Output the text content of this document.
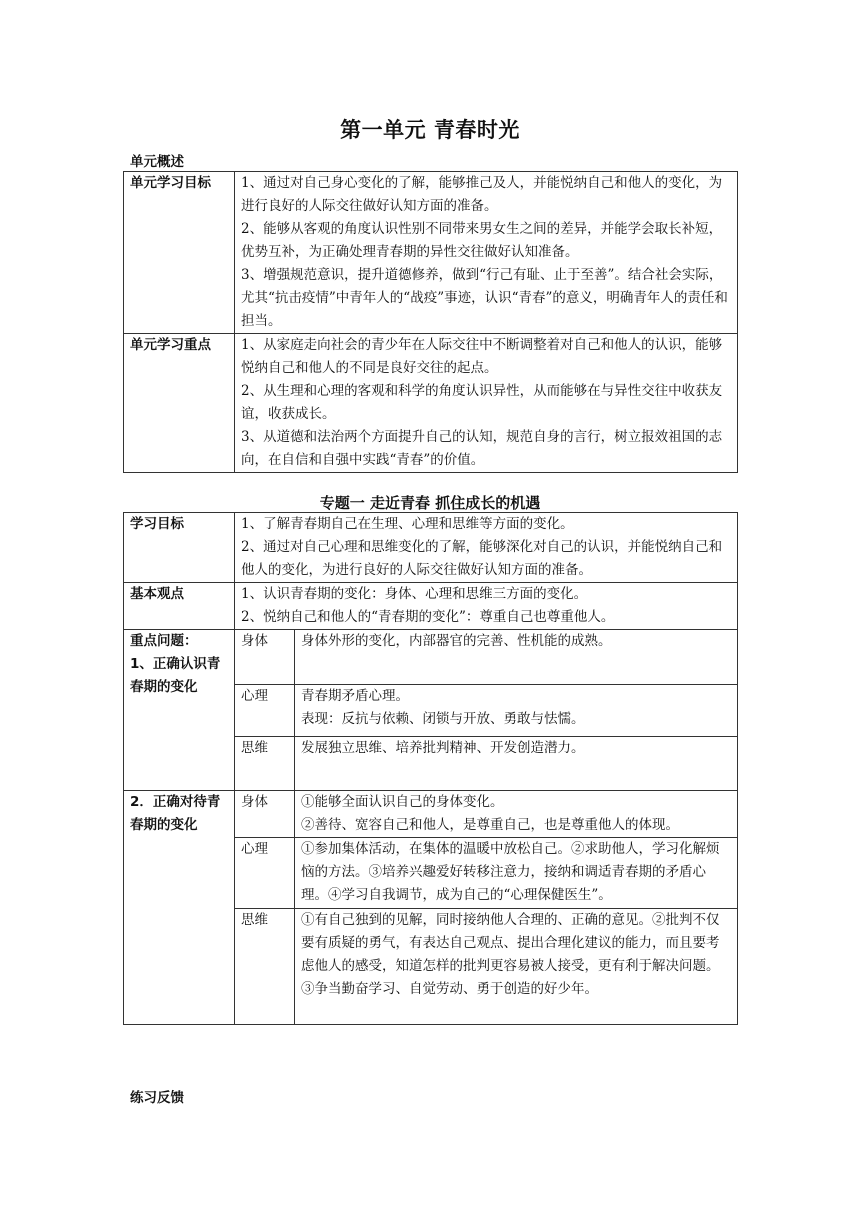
第一单元 青春时光
单元概述
单元学习目标	1、通过对自己身心变化的了解，能够推己及人，并能悦纳自己和他人的变化，为进行良好的人际交往做好认知方面的准备。

2、能够从客观的角度认识性别不同带来男女生之间的差异，并能学会取长补短，优势互补，为正确处理青春期的异性交往做好认知准备。

3、增强规范意识，提升道德修养，做到“行己有耻、止于至善”。结合社会实际，尤其“抗击疫情”中青年人的“战疫”事迹，认识“青春”的意义，明确青年人的责任和担当。

单元学习重点	1、从家庭走向社会的青少年在人际交往中不断调整着对自己和他人的认识，能够悦纳自己和他人的不同是良好交往的起点。

2、从生理和心理的客观和科学的角度认识异性，从而能够在与异性交往中收获友谊，收获成长。

3、从道德和法治两个方面提升自己的认知，规范自身的言行，树立报效祖国的志向，在自信和自强中实践“青春”的价值。

专题一 走近青春 抓住成长的机遇
学习目标	1、了解青春期自己在生理、心理和思维等方面的变化。

2、通过对自己心理和思维变化的了解，能够深化对自己的认识，并能悦纳自己和他人的变化，为进行良好的人际交往做好认知方面的准备。	

基本观点	1、认识青春期的变化：身体、心理和思维三方面的变化。

2、悦纳自己和他人的“青春期的变化”：尊重自己也尊重他人。	

重点问题：

1、正确认识青春期的变化	身体	身体外形的变化，内部器官的完善、性机能的成熟。

	心理	青春期矛盾心理。

表现：反抗与依赖、闭锁与开放、勇敢与怯懦。

	思维	发展独立思维、培养批判精神、开发创造潜力。

2．正确对待青春期的变化	身体	①能够全面认识自己的身体变化。

②善待、宽容自己和他人，是尊重自己，也是尊重他人的体现。

	心理	①参加集体活动，在集体的温暖中放松自己。②求助他人，学习化解烦恼的方法。③培养兴趣爱好转移注意力，接纳和调适青春期的矛盾心理。④学习自我调节，成为自己的“心理保健医生”。

	思维	①有自己独到的见解，同时接纳他人合理的、正确的意见。②批判不仅要有质疑的勇气，有表达自己观点、提出合理化建议的能力，而且要考虑他人的感受，知道怎样的批判更容易被人接受，更有利于解决问题。③争当勤奋学习、自觉劳动、勇于创造的好少年。

练习反馈
